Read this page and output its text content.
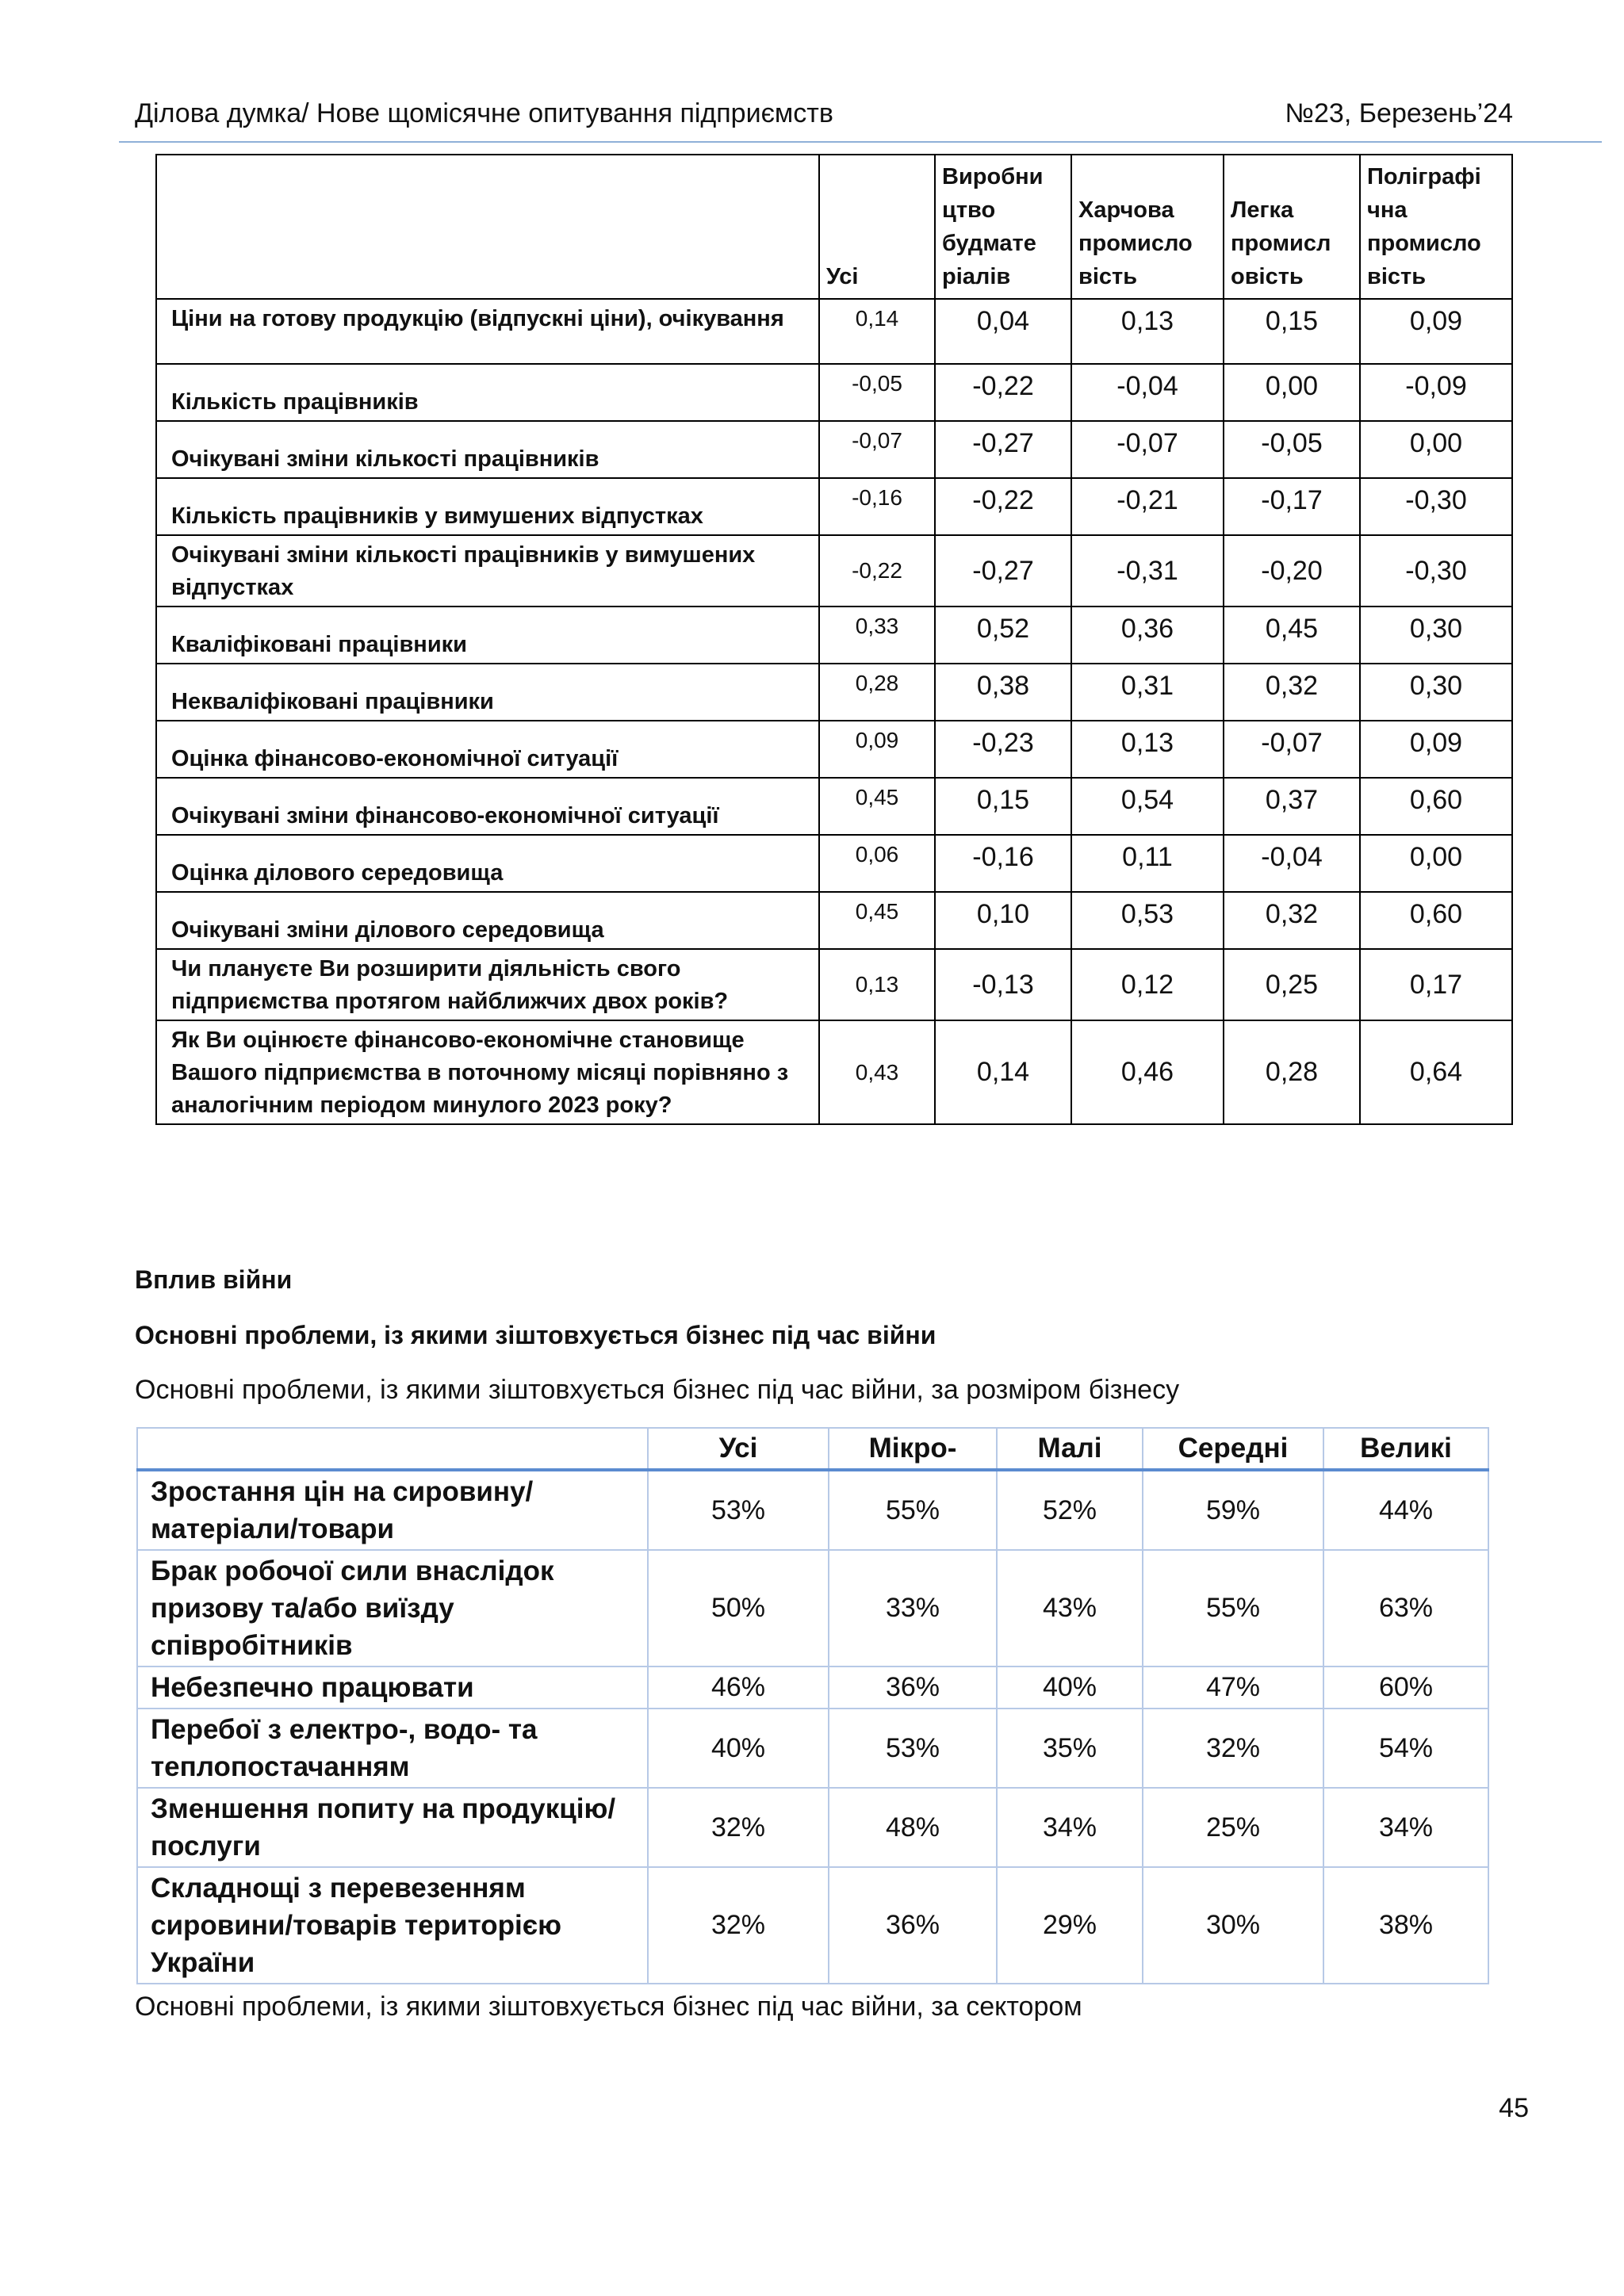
Ділова думка/ Нове щомісячне опитування підприємств	№23, Березень’24
	Усі	Виробни цтво будмате ріалів	Харчова промисло вість	Легка промисл овість	Поліграфі чна промисло вість
Ціни на готову продукцію (відпускні ціни), очікування	0,14	0,04	0,13	0,15	0,09
Кількість працівників	-0,05	-0,22	-0,04	0,00	-0,09
Очікувані зміни кількості працівників	-0,07	-0,27	-0,07	-0,05	0,00
Кількість працівників у вимушених відпустках	-0,16	-0,22	-0,21	-0,17	-0,30
Очікувані зміни кількості працівників у вимушених відпустках	-0,22	-0,27	-0,31	-0,20	-0,30
Кваліфіковані працівники	0,33	0,52	0,36	0,45	0,30
Некваліфіковані працівники	0,28	0,38	0,31	0,32	0,30
Оцінка фінансово-економічної ситуації	0,09	-0,23	0,13	-0,07	0,09
Очікувані зміни фінансово-економічної ситуації	0,45	0,15	0,54	0,37	0,60
Оцінка ділового середовища	0,06	-0,16	0,11	-0,04	0,00
Очікувані зміни ділового середовища	0,45	0,10	0,53	0,32	0,60
Чи плануєте Ви розширити діяльність свого підприємства протягом найближчих двох років?	0,13	-0,13	0,12	0,25	0,17
Як Ви оцінюєте фінансово-економічне становище Вашого підприємства в поточному місяці порівняно з аналогічним періодом минулого 2023 року?	0,43	0,14	0,46	0,28	0,64
Вплив війни
Основні проблеми, із якими зіштовхується бізнес під час війни
Основні проблеми, із якими зіштовхується бізнес під час війни, за розміром бізнесу
	Усі	Мікро-	Малі	Середні	Великі
Зростання цін на сировину/матеріали/товари	53%	55%	52%	59%	44%
Брак робочої сили внаслідок призову та/або виїзду співробітників	50%	33%	43%	55%	63%
Небезпечно працювати	46%	36%	40%	47%	60%
Перебої з електро-, водо- та теплопостачанням	40%	53%	35%	32%	54%
Зменшення попиту на продукцію/послуги	32%	48%	34%	25%	34%
Складнощі з перевезенням сировини/товарів територією України	32%	36%	29%	30%	38%
Основні проблеми, із якими зіштовхується бізнес під час війни, за сектором
45
